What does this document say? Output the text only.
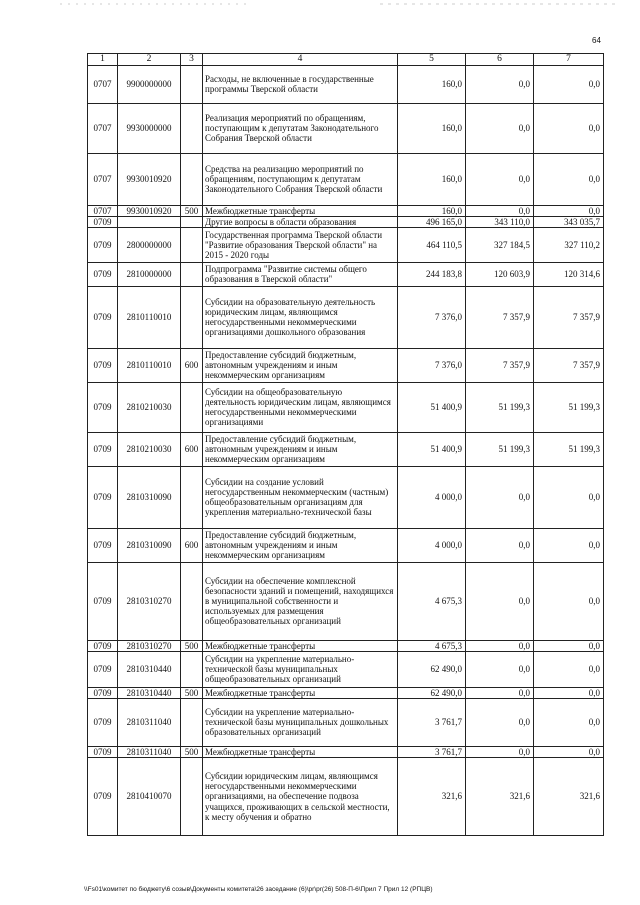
64
1	2	3	4	5	6	7
0707	9900000000		Расходы, не включенные в государственные программы Тверской области	160,0	0,0	0,0
0707	9930000000		Реализация мероприятий по обращениям, поступающим к депутатам Законодательного Собрания Тверской области	160,0	0,0	0,0
0707	9930010920		Средства на реализацию мероприятий по обращениям, поступающим к депутатам Законодательного Собрания Тверской области	160,0	0,0	0,0
0707	9930010920	500	Межбюджетные трансферты	160,0	0,0	0,0
0709			Другие вопросы в области образования	496 165,0	343 110,0	343 035,7
0709	2800000000		Государственная программа Тверской области "Развитие образования Тверской области" на 2015 - 2020 годы	464 110,5	327 184,5	327 110,2
0709	2810000000		Подпрограмма "Развитие системы общего образования в Тверской области"	244 183,8	120 603,9	120 314,6
0709	2810110010		Субсидии на образовательную деятельность юридическим лицам, являющимся негосударственными некоммерческими организациями дошкольного образования	7 376,0	7 357,9	7 357,9
0709	2810110010	600	Предоставление субсидий бюджетным, автономным учреждениям и иным некоммерческим организациям	7 376,0	7 357,9	7 357,9
0709	2810210030		Субсидии на общеобразовательную деятельность юридическим лицам, являющимся негосударственными некоммерческими организациями	51 400,9	51 199,3	51 199,3
0709	2810210030	600	Предоставление субсидий бюджетным, автономным учреждениям и иным некоммерческим организациям	51 400,9	51 199,3	51 199,3
0709	2810310090		Субсидии на создание условий негосударственным некоммерческим (частным) общеобразовательным организациям для укрепления материально-технической базы	4 000,0	0,0	0,0
0709	2810310090	600	Предоставление субсидий бюджетным, автономным учреждениям и иным некоммерческим организациям	4 000,0	0,0	0,0
0709	2810310270		Субсидии на обеспечение комплексной безопасности зданий и помещений, находящихся в муниципальной собственности и используемых для размещения общеобразовательных организаций	4 675,3	0,0	0,0
0709	2810310270	500	Межбюджетные трансферты	4 675,3	0,0	0,0
0709	2810310440		Субсидии на укрепление материально-технической базы муниципальных общеобразовательных организаций	62 490,0	0,0	0,0
0709	2810310440	500	Межбюджетные трансферты	62 490,0	0,0	0,0
0709	2810311040		Субсидии на укрепление материально-технической базы муниципальных дошкольных образовательных организаций	3 761,7	0,0	0,0
0709	2810311040	500	Межбюджетные трансферты	3 761,7	0,0	0,0
0709	2810410070		Субсидии юридическим лицам, являющимся негосударственными некоммерческими организациями, на обеспечение подвоза учащихся, проживающих в сельской местности, к месту обучения и обратно	321,6	321,6	321,6
\\Fs01\комитет по бюджету\6 созыв\Документы комитета\26 заседание (6)\pr\pr(26) 508-П-6\Прил 7 Прил 12 (РПЦВ)
